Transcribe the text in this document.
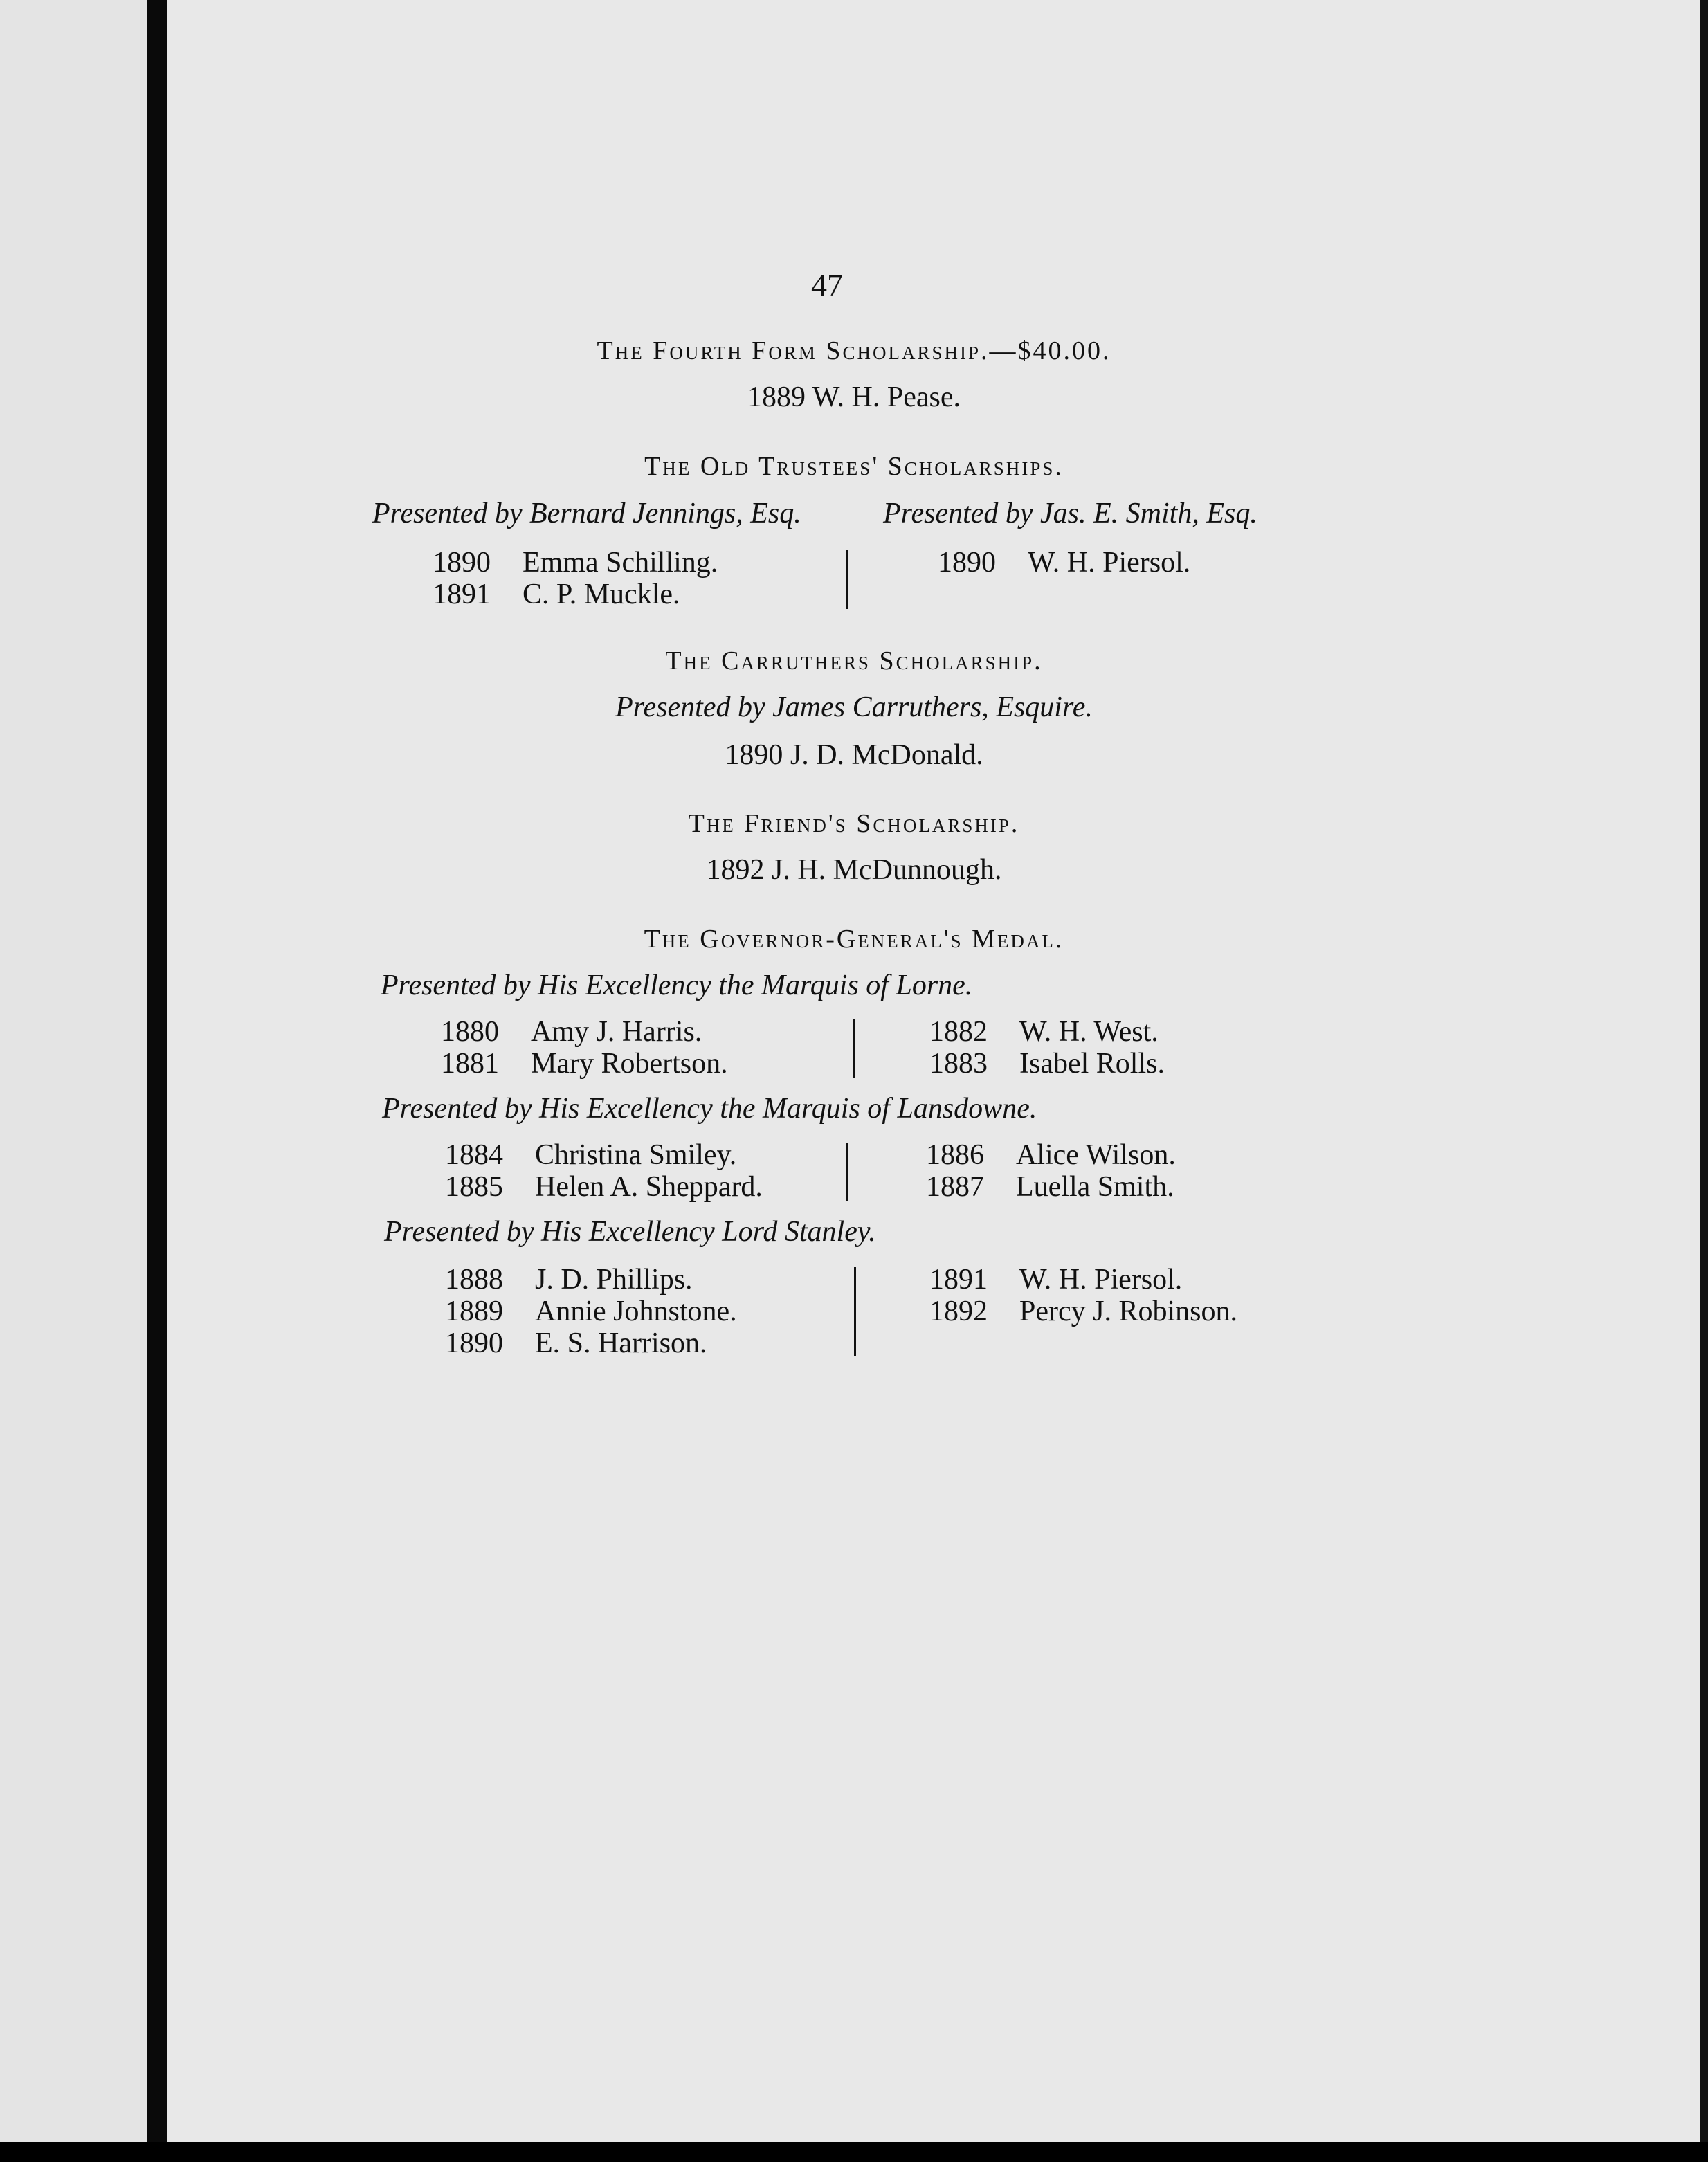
47
The Fourth Form Scholarship.—$40.00.
1889 W. H. Pease.
The Old Trustees' Scholarships.
Presented by Bernard Jennings, Esq.	Presented by Jas. E. Smith, Esq.
1890 Emma Schilling.
1891 C. P. Muckle.
1890 W. H. Piersol.
The Carruthers Scholarship.
Presented by James Carruthers, Esquire.
1890 J. D. McDonald.
The Friend's Scholarship.
1892 J. H. McDunnough.
The Governor-General's Medal.
Presented by His Excellency the Marquis of Lorne.
1880 Amy J. Harris.
1881 Mary Robertson.
1882 W. H. West.
1883 Isabel Rolls.
Presented by His Excellency the Marquis of Lansdowne.
1884 Christina Smiley.
1885 Helen A. Sheppard.
1886 Alice Wilson.
1887 Luella Smith.
Presented by His Excellency Lord Stanley.
1888 J. D. Phillips.
1889 Annie Johnstone.
1890 E. S. Harrison.
1891 W. H. Piersol.
1892 Percy J. Robinson.
